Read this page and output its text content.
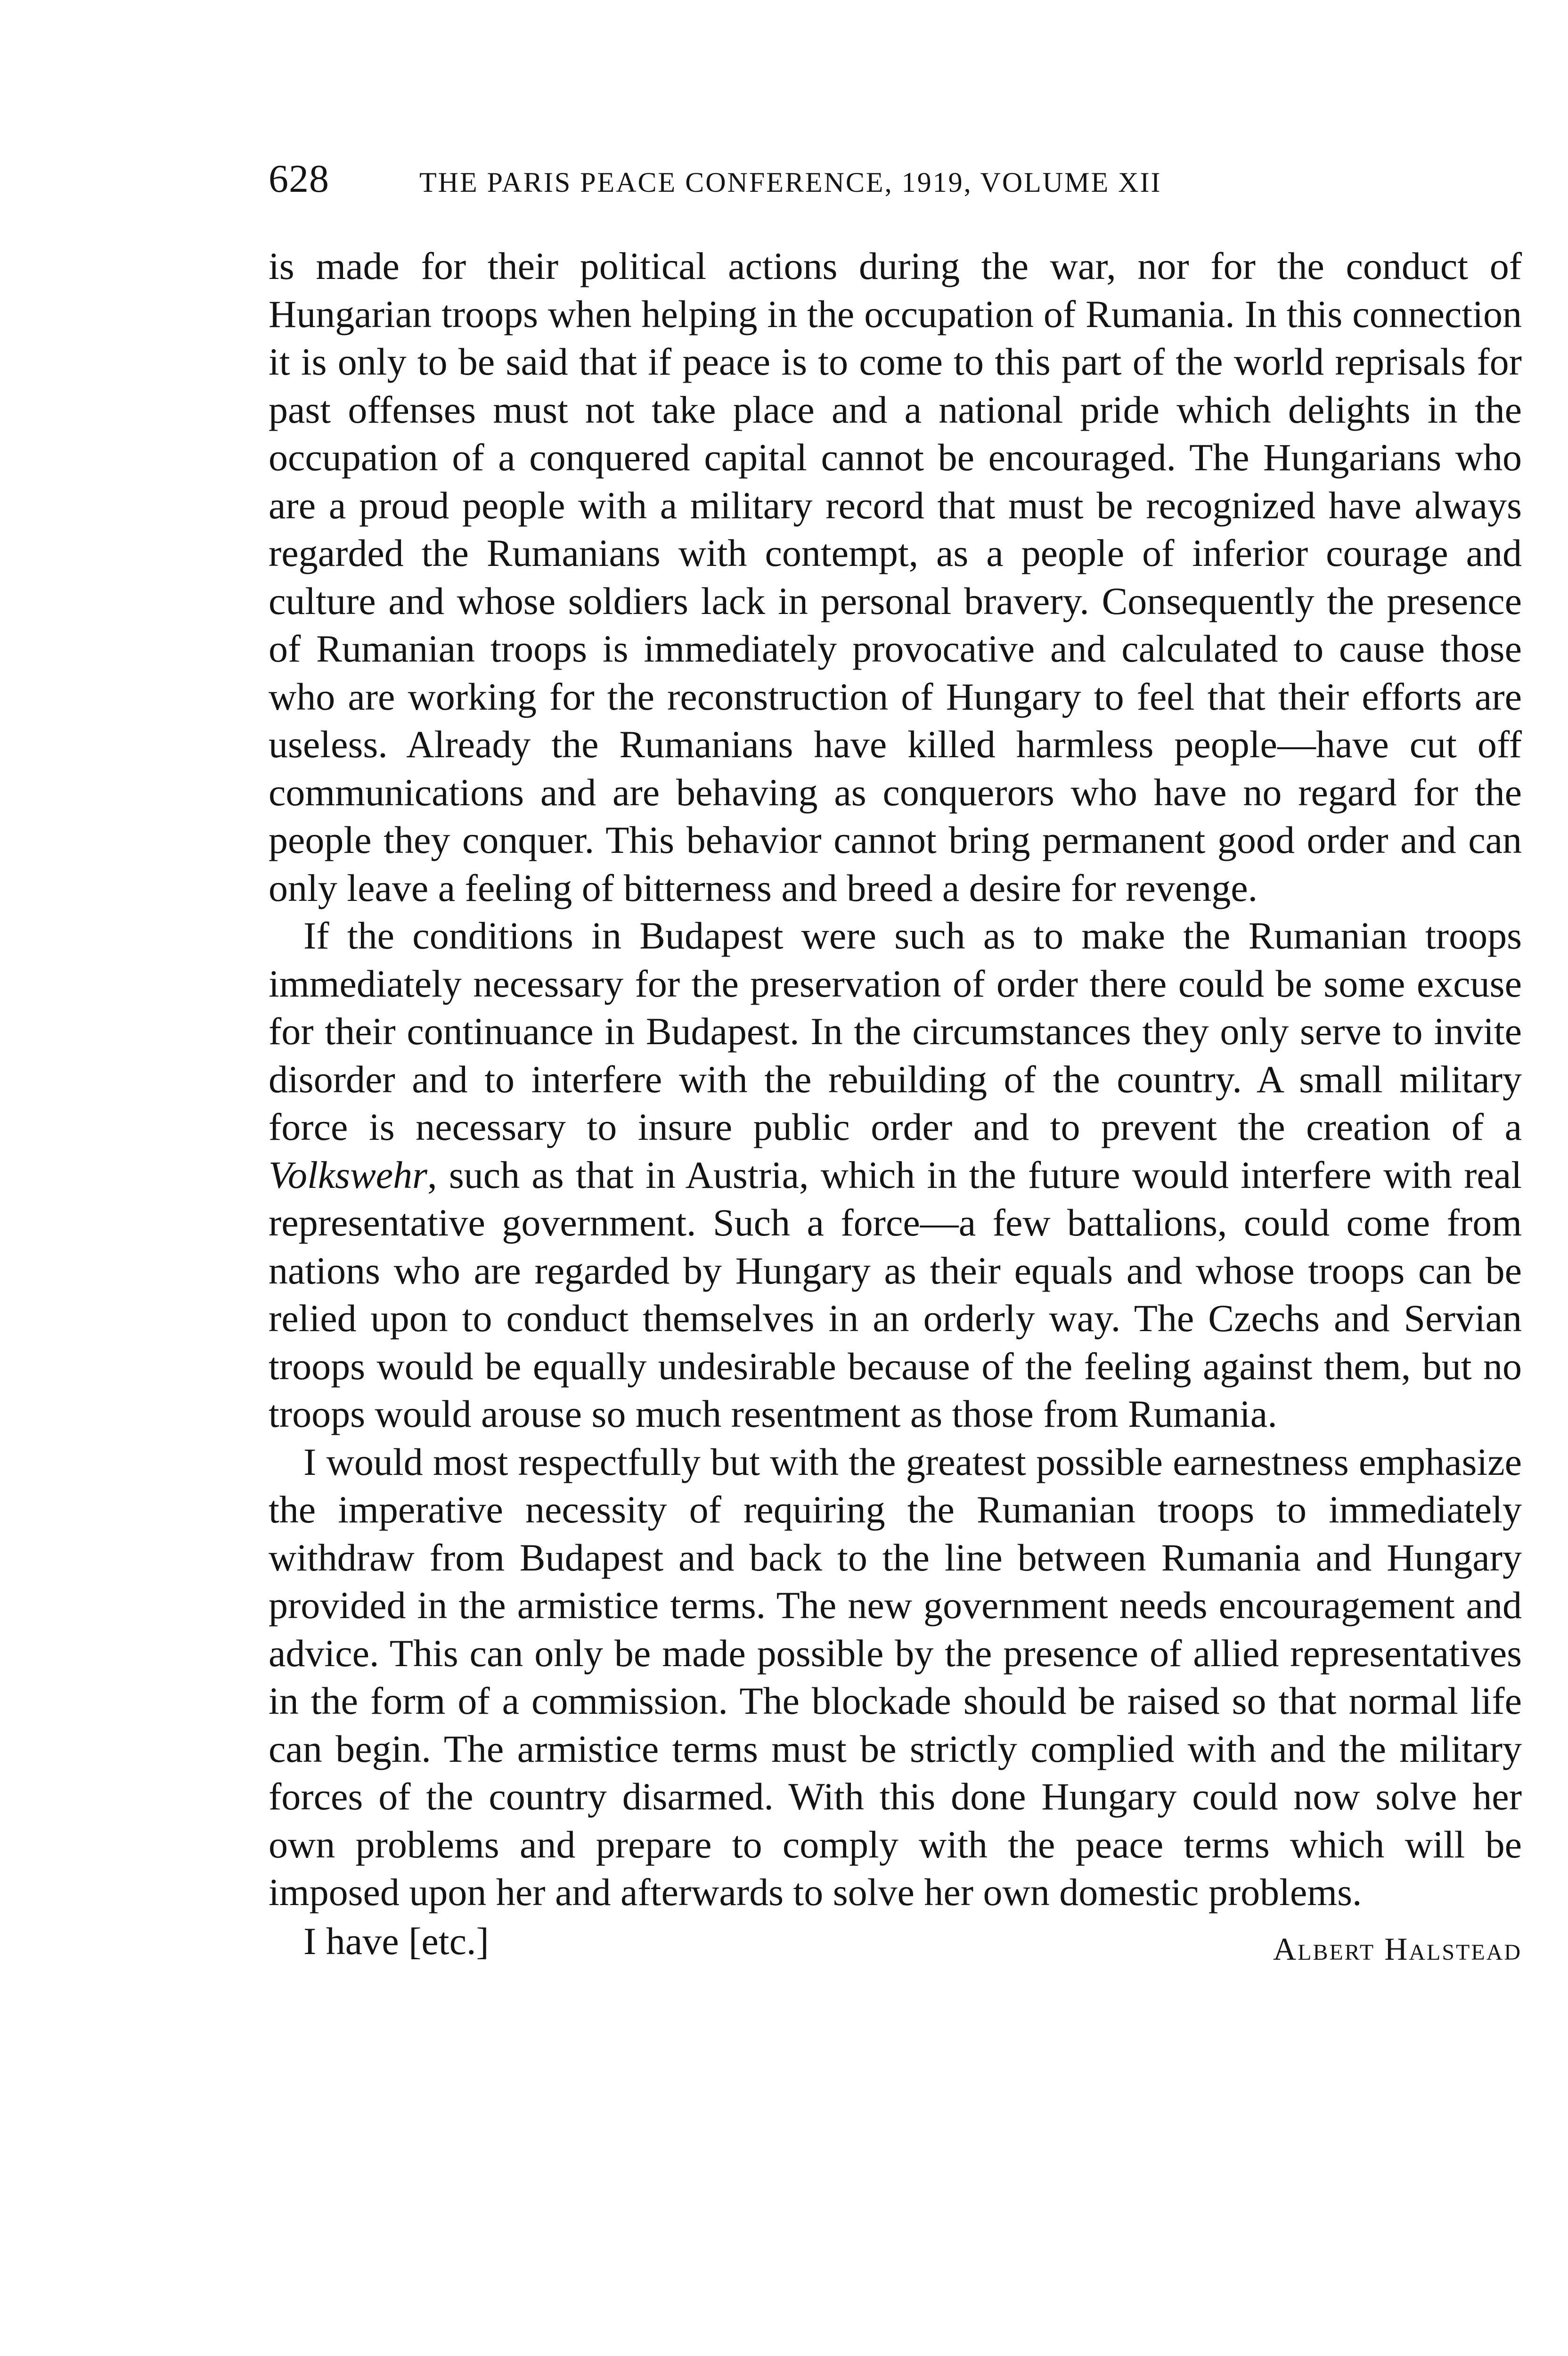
628	THE PARIS PEACE CONFERENCE, 1919, VOLUME XII

is made for their political actions during the war, nor for the conduct of Hungarian troops when helping in the occupation of Rumania. In this connection it is only to be said that if peace is to come to this part of the world reprisals for past offenses must not take place and a national pride which delights in the occupation of a conquered capital cannot be encouraged. The Hungarians who are a proud people with a military record that must be recognized have always regarded the Rumanians with contempt, as a people of inferior courage and culture and whose soldiers lack in personal bravery. Consequently the presence of Rumanian troops is immediately provocative and calculated to cause those who are working for the reconstruction of Hungary to feel that their efforts are useless. Already the Rumanians have killed harmless people—have cut off communications and are behaving as conquerors who have no regard for the people they conquer. This behavior cannot bring permanent good order and can only leave a feeling of bitterness and breed a desire for revenge.

If the conditions in Budapest were such as to make the Rumanian troops immediately necessary for the preservation of order there could be some excuse for their continuance in Budapest. In the circumstances they only serve to invite disorder and to interfere with the rebuilding of the country. A small military force is necessary to insure public order and to prevent the creation of a Volkswehr, such as that in Austria, which in the future would interfere with real representative government. Such a force—a few battalions, could come from nations who are regarded by Hungary as their equals and whose troops can be relied upon to conduct themselves in an orderly way. The Czechs and Servian troops would be equally undesirable because of the feeling against them, but no troops would arouse so much resentment as those from Rumania.

I would most respectfully but with the greatest possible earnestness emphasize the imperative necessity of requiring the Rumanian troops to immediately withdraw from Budapest and back to the line between Rumania and Hungary provided in the armistice terms. The new government needs encouragement and advice. This can only be made possible by the presence of allied representatives in the form of a commission. The blockade should be raised so that normal life can begin. The armistice terms must be strictly complied with and the military forces of the country disarmed. With this done Hungary could now solve her own problems and prepare to comply with the peace terms which will be imposed upon her and afterwards to solve her own domestic problems.

I have [etc.]	Albert Halstead
